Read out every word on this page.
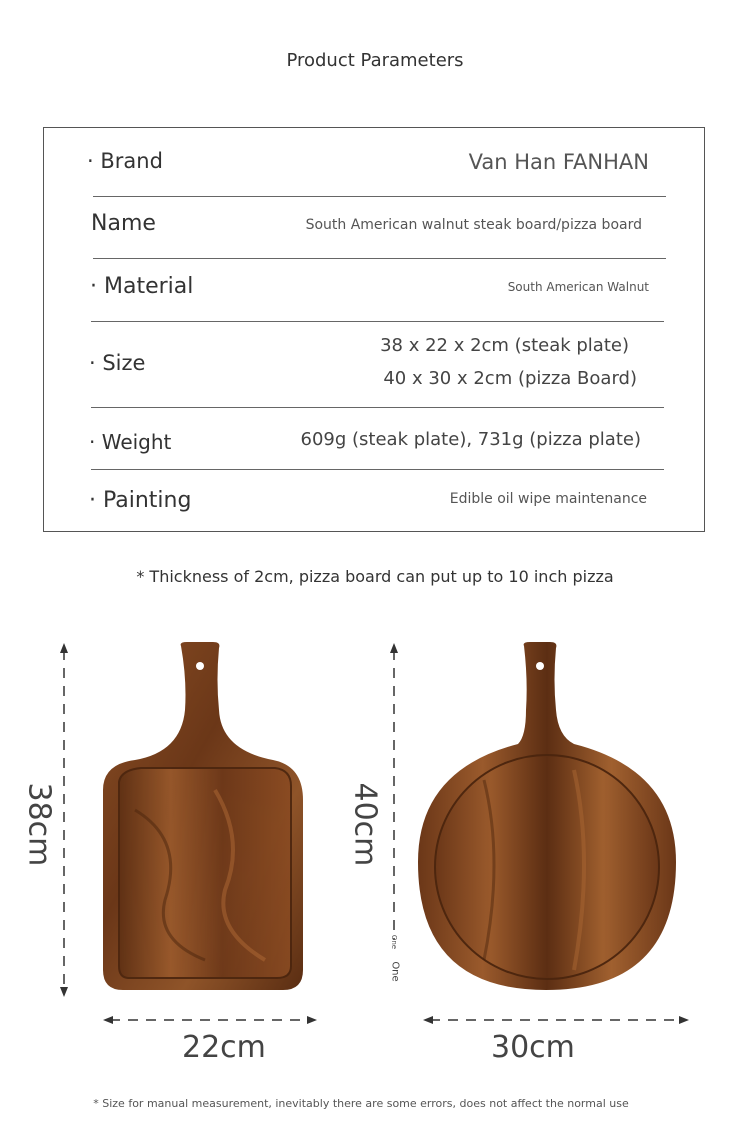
Product Parameters
· Brand	Van Han FANHAN
Name	South American walnut steak board/pizza board
· Material	South American Walnut
· Size
38 x 22 x 2cm (steak plate)
40 x 30 x 2cm (pizza Board)
· Weight	609g (steak plate), 731g (pizza plate)
· Painting	Edible oil wipe maintenance
* Thickness of 2cm, pizza board can put up to 10 inch pizza
38cm
22cm
40cm
One
One
30cm
* Size for manual measurement, inevitably there are some errors, does not affect the normal use
